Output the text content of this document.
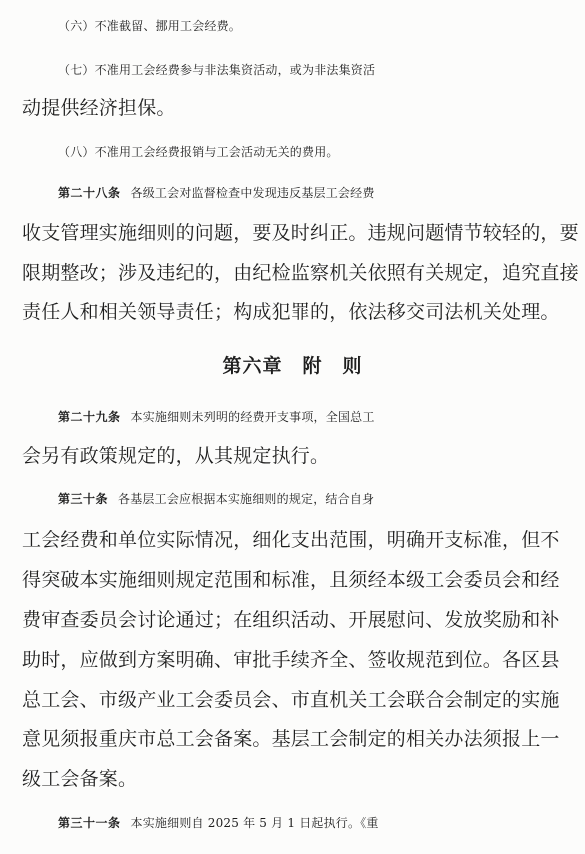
（六）不准截留、挪用工会经费。
（七）不准用工会经费参与非法集资活动，或为非法集资活
动提供经济担保。
（八）不准用工会经费报销与工会活动无关的费用。
第二十八条 各级工会对监督检查中发现违反基层工会经费
收支管理实施细则的问题，要及时纠正。违规问题情节较轻的，要
限期整改；涉及违纪的，由纪检监察机关依照有关规定，追究直接
责任人和相关领导责任；构成犯罪的，依法移交司法机关处理。
第六章　附　则
第二十九条 本实施细则未列明的经费开支事项，全国总工
会另有政策规定的，从其规定执行。
第三十条 各基层工会应根据本实施细则的规定，结合自身
工会经费和单位实际情况，细化支出范围，明确开支标准，但不
得突破本实施细则规定范围和标准，且须经本级工会委员会和经
费审查委员会讨论通过；在组织活动、开展慰问、发放奖励和补
助时，应做到方案明确、审批手续齐全、签收规范到位。各区县
总工会、市级产业工会委员会、市直机关工会联合会制定的实施
意见须报重庆市总工会备案。基层工会制定的相关办法须报上一
级工会备案。
第三十一条 本实施细则自 2025 年 5 月 1 日起执行。《重
